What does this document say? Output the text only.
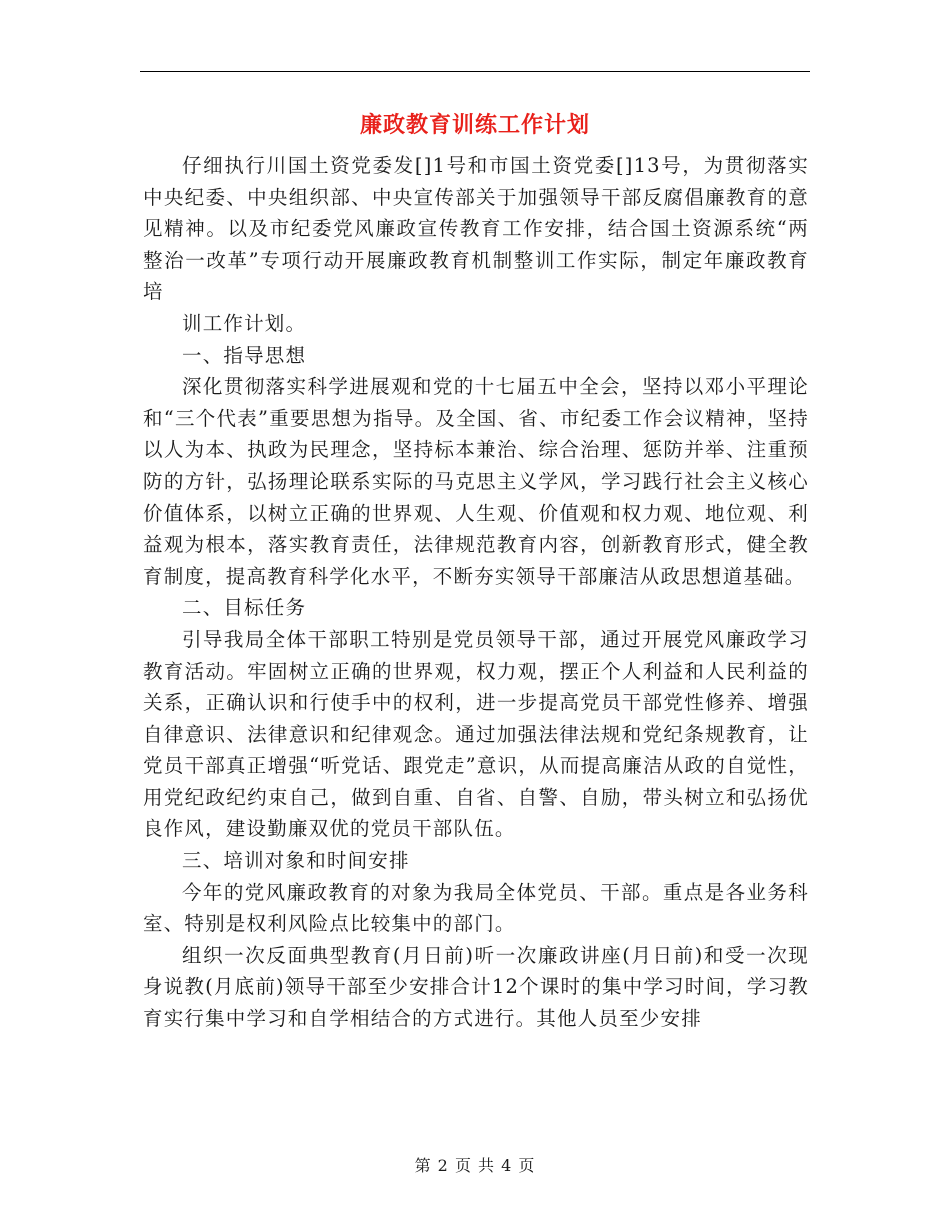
廉政教育训练工作计划

仔细执行川国土资党委发[]1号和市国土资党委[]13号，为贯彻落实中央纪委、中央组织部、中央宣传部关于加强领导干部反腐倡廉教育的意见精神。以及市纪委党风廉政宣传教育工作安排，结合国土资源系统“两整治一改革”专项行动开展廉政教育机制整训工作实际，制定年廉政教育培

训工作计划。

一、指导思想

深化贯彻落实科学进展观和党的十七届五中全会，坚持以邓小平理论和“三个代表”重要思想为指导。及全国、省、市纪委工作会议精神，坚持以人为本、执政为民理念，坚持标本兼治、综合治理、惩防并举、注重预防的方针，弘扬理论联系实际的马克思主义学风，学习践行社会主义核心价值体系，以树立正确的世界观、人生观、价值观和权力观、地位观、利益观为根本，落实教育责任，法律规范教育内容，创新教育形式，健全教育制度，提高教育科学化水平，不断夯实领导干部廉洁从政思想道基础。

二、目标任务

引导我局全体干部职工特别是党员领导干部，通过开展党风廉政学习教育活动。牢固树立正确的世界观，权力观，摆正个人利益和人民利益的关系，正确认识和行使手中的权利，进一步提高党员干部党性修养、增强自律意识、法律意识和纪律观念。通过加强法律法规和党纪条规教育，让党员干部真正增强“听党话、跟党走”意识，从而提高廉洁从政的自觉性，用党纪政纪约束自己，做到自重、自省、自警、自励，带头树立和弘扬优良作风，建设勤廉双优的党员干部队伍。

三、培训对象和时间安排

今年的党风廉政教育的对象为我局全体党员、干部。重点是各业务科室、特别是权利风险点比较集中的部门。

组织一次反面典型教育(月日前)听一次廉政讲座(月日前)和受一次现身说教(月底前)领导干部至少安排合计12个课时的集中学习时间，学习教育实行集中学习和自学相结合的方式进行。其他人员至少安排

第 2 页 共 4 页
